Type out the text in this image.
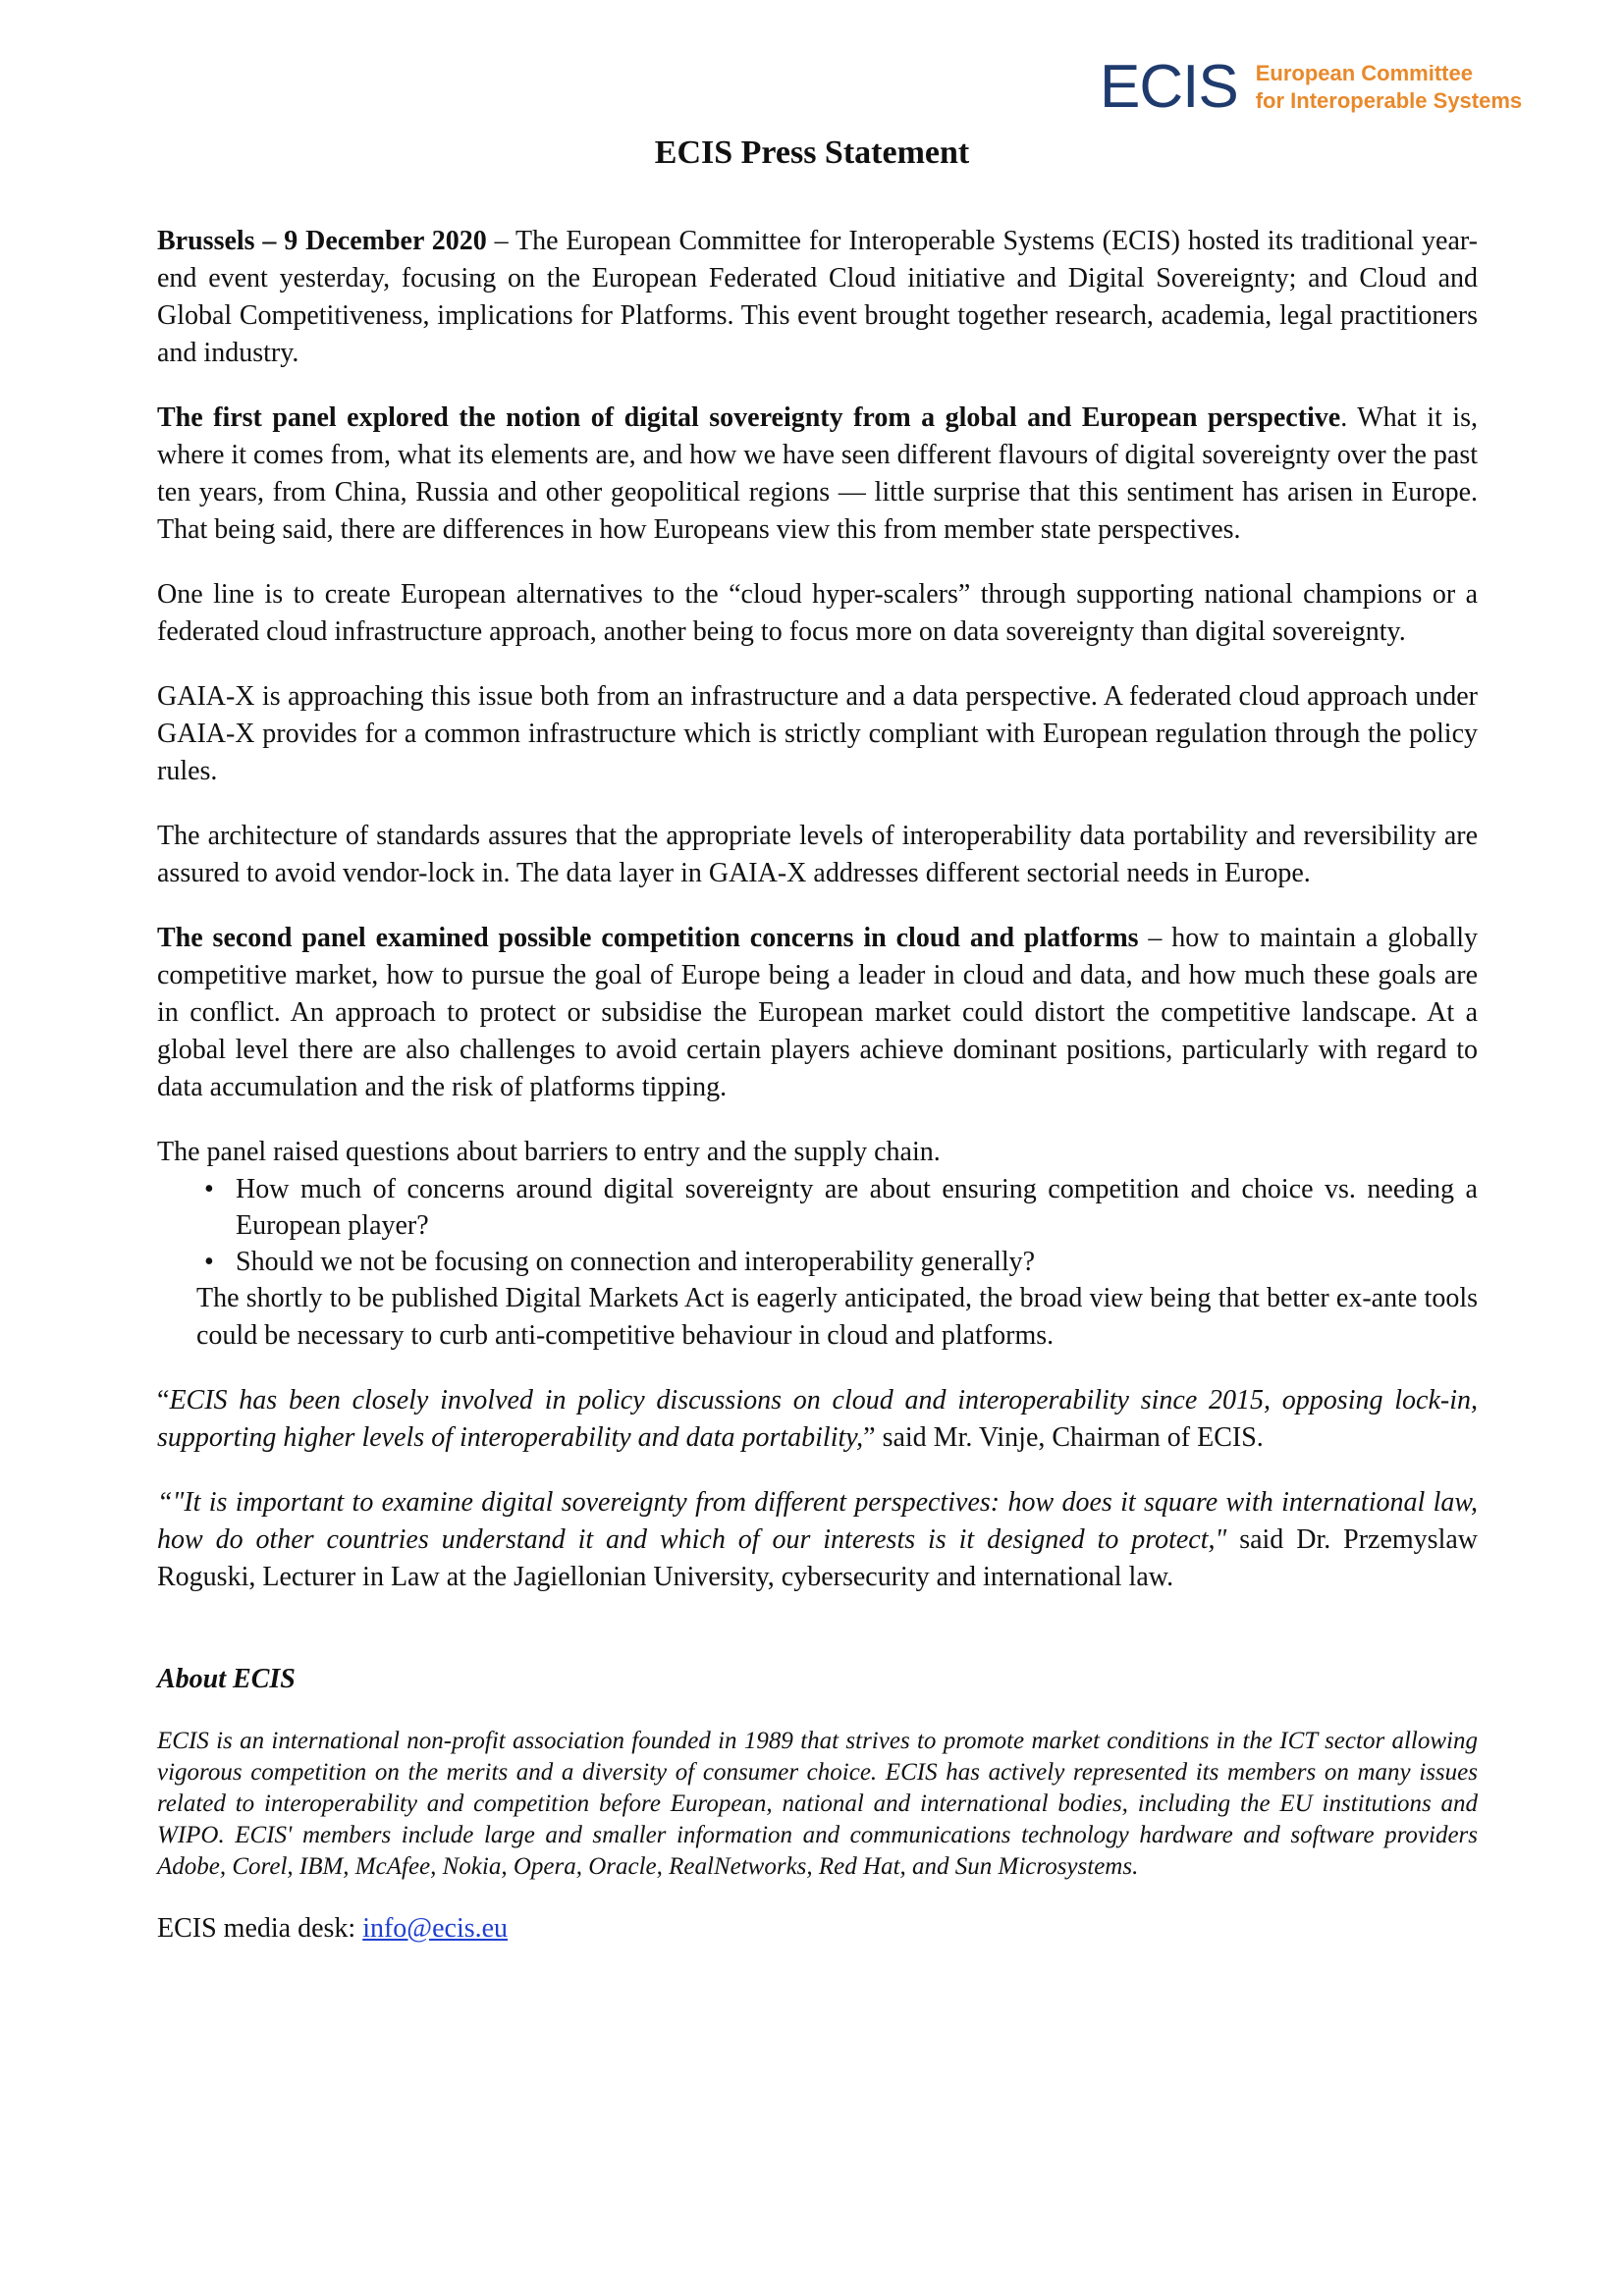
ECIS European Committee
for Interoperable Systems
ECIS Press Statement

Brussels – 9 December 2020 – The European Committee for Interoperable Systems (ECIS) hosted its traditional year-end event yesterday, focusing on the European Federated Cloud initiative and Digital Sovereignty; and Cloud and Global Competitiveness, implications for Platforms. This event brought together research, academia, legal practitioners and industry.

The first panel explored the notion of digital sovereignty from a global and European perspective. What it is, where it comes from, what its elements are, and how we have seen different flavours of digital sovereignty over the past ten years, from China, Russia and other geopolitical regions — little surprise that this sentiment has arisen in Europe. That being said, there are differences in how Europeans view this from member state perspectives.

One line is to create European alternatives to the “cloud hyper-scalers” through supporting national champions or a federated cloud infrastructure approach, another being to focus more on data sovereignty than digital sovereignty.

GAIA-X is approaching this issue both from an infrastructure and a data perspective. A federated cloud approach under GAIA-X provides for a common infrastructure which is strictly compliant with European regulation through the policy rules.

The architecture of standards assures that the appropriate levels of interoperability data portability and reversibility are assured to avoid vendor-lock in. The data layer in GAIA-X addresses different sectorial needs in Europe.

The second panel examined possible competition concerns in cloud and platforms – how to maintain a globally competitive market, how to pursue the goal of Europe being a leader in cloud and data, and how much these goals are in conflict. An approach to protect or subsidise the European market could distort the competitive landscape. At a global level there are also challenges to avoid certain players achieve dominant positions, particularly with regard to data accumulation and the risk of platforms tipping.

The panel raised questions about barriers to entry and the supply chain.

• How much of concerns around digital sovereignty are about ensuring competition and choice vs. needing a European player?
• Should we not be focusing on connection and interoperability generally?

The shortly to be published Digital Markets Act is eagerly anticipated, the broad view being that better ex-ante tools could be necessary to curb anti-competitive behaviour in cloud and platforms.

“ECIS has been closely involved in policy discussions on cloud and interoperability since 2015, opposing lock-in, supporting higher levels of interoperability and data portability,” said Mr. Vinje, Chairman of ECIS.

“"It is important to examine digital sovereignty from different perspectives: how does it square with international law, how do other countries understand it and which of our interests is it designed to protect," said Dr. Przemyslaw Roguski, Lecturer in Law at the Jagiellonian University, cybersecurity and international law.

About ECIS

ECIS is an international non-profit association founded in 1989 that strives to promote market conditions in the ICT sector allowing vigorous competition on the merits and a diversity of consumer choice. ECIS has actively represented its members on many issues related to interoperability and competition before European, national and international bodies, including the EU institutions and WIPO. ECIS' members include large and smaller information and communications technology hardware and software providers Adobe, Corel, IBM, McAfee, Nokia, Opera, Oracle, RealNetworks, Red Hat, and Sun Microsystems.

ECIS media desk: info@ecis.eu
